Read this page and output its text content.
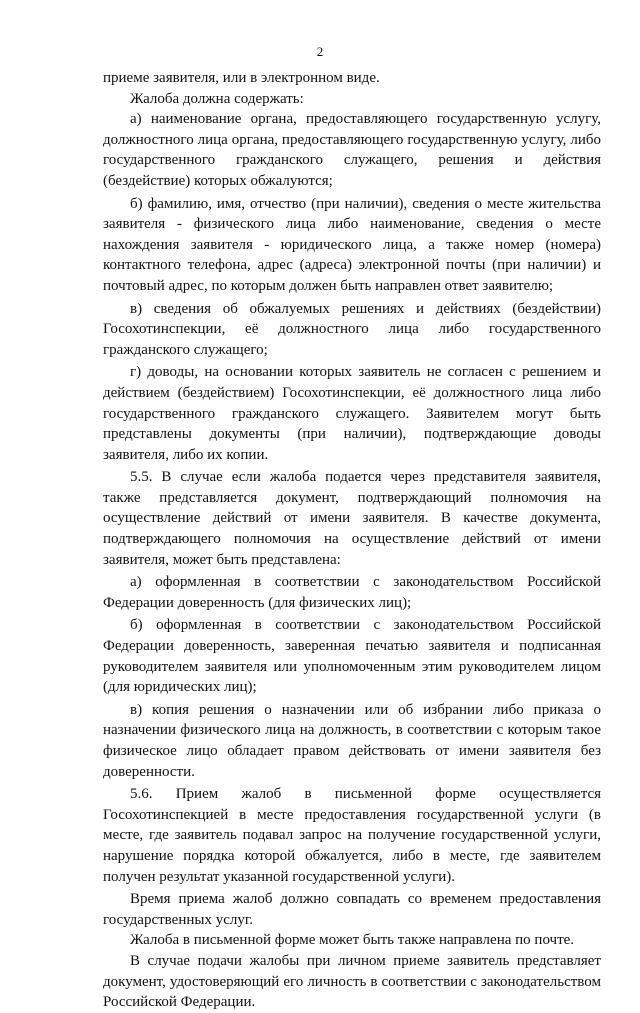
2

приеме заявителя, или в электронном виде.

Жалоба должна содержать:

а) наименование органа, предоставляющего государственную услугу, должностного лица органа, предоставляющего государственную услугу, либо государственного гражданского служащего, решения и действия (бездействие) которых обжалуются;

б) фамилию, имя, отчество (при наличии), сведения о месте жительства заявителя - физического лица либо наименование, сведения о месте нахождения заявителя - юридического лица, а также номер (номера) контактного телефона, адрес (адреса) электронной почты (при наличии) и почтовый адрес, по которым должен быть направлен ответ заявителю;

в) сведения об обжалуемых решениях и действиях (бездействии) Госохотинспекции, её должностного лица либо государственного гражданского служащего;

г) доводы, на основании которых заявитель не согласен с решением и действием (бездействием) Госохотинспекции, её должностного лица либо государственного гражданского служащего. Заявителем могут быть представлены документы (при наличии), подтверждающие доводы заявителя, либо их копии.

5.5. В случае если жалоба подается через представителя заявителя, также представляется документ, подтверждающий полномочия на осуществление действий от имени заявителя. В качестве документа, подтверждающего полномочия на осуществление действий от имени заявителя, может быть представлена:

а) оформленная в соответствии с законодательством Российской Федерации доверенность (для физических лиц);

б) оформленная в соответствии с законодательством Российской Федерации доверенность, заверенная печатью заявителя и подписанная руководителем заявителя или уполномоченным этим руководителем лицом (для юридических лиц);

в) копия решения о назначении или об избрании либо приказа о назначении физического лица на должность, в соответствии с которым такое физическое лицо обладает правом действовать от имени заявителя без доверенности.

5.6. Прием жалоб в письменной форме осуществляется Госохотинспекцией в месте предоставления государственной услуги (в месте, где заявитель подавал запрос на получение государственной услуги, нарушение порядка которой обжалуется, либо в месте, где заявителем получен результат указанной государственной услуги).

Время приема жалоб должно совпадать со временем предоставления государственных услуг.

Жалоба в письменной форме может быть также направлена по почте.

В случае подачи жалобы при личном приеме заявитель представляет документ, удостоверяющий его личность в соответствии с законодательством Российской Федерации.
